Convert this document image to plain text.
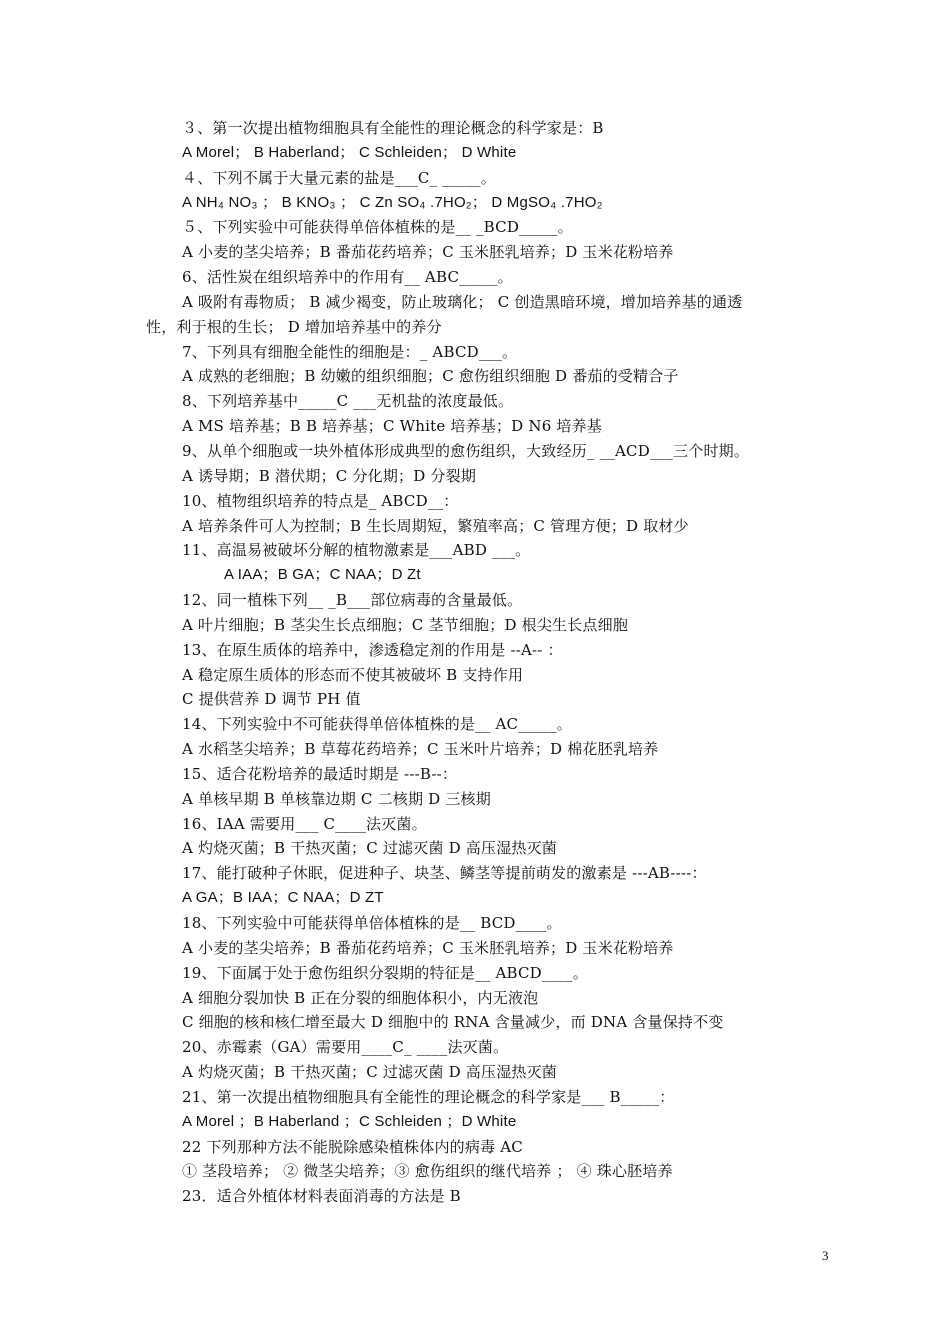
３、第一次提出植物细胞具有全能性的理论概念的科学家是：B
A Morel； B Haberland； C Schleiden； D White
４、下列不属于大量元素的盐是___C_ _____。
A NH₄ NO₃ ； B KNO₃ ； C Zn SO₄ .7HO₂； D MgSO₄ .7HO₂
５、下列实验中可能获得单倍体植株的是__ _BCD_____。
A 小麦的茎尖培养；B 番茄花药培养；C 玉米胚乳培养；D 玉米花粉培养
6、活性炭在组织培养中的作用有__ ABC_____。
A 吸附有毒物质； B 减少褐变，防止玻璃化； C 创造黑暗环境，增加培养基的通透
性，利于根的生长； D 增加培养基中的养分
7、下列具有细胞全能性的细胞是：_ ABCD___。
A 成熟的老细胞；B 幼嫩的组织细胞；C 愈伤组织细胞 D 番茄的受精合子
8、下列培养基中_____C ___无机盐的浓度最低。
A MS 培养基；B B 培养基；C White 培养基；D N6 培养基
9、从单个细胞或一块外植体形成典型的愈伤组织，大致经历_ __ACD___三个时期。
A 诱导期；B 潜伏期；C 分化期；D 分裂期
10、植物组织培养的特点是_ ABCD__：
A 培养条件可人为控制；B 生长周期短，繁殖率高；C 管理方便；D 取材少
11、高温易被破坏分解的植物激素是___ABD ___。
A IAA；B GA；C NAA；D Zt
12、同一植株下列__ _B___部位病毒的含量最低。
A 叶片细胞；B 茎尖生长点细胞；C 茎节细胞；D 根尖生长点细胞
13、在原生质体的培养中，渗透稳定剂的作用是 --A-- ：
A 稳定原生质体的形态而不使其被破坏 B 支持作用
C 提供营养 D 调节 PH 值
14、下列实验中不可能获得单倍体植株的是__ AC_____。
A 水稻茎尖培养；B 草莓花药培养；C 玉米叶片培养；D 棉花胚乳培养
15、适合花粉培养的最适时期是 ---B--：
A 单核早期 B 单核靠边期 C 二核期 D 三核期
16、IAA 需要用___ C____法灭菌。
A 灼烧灭菌；B 干热灭菌；C 过滤灭菌 D 高压湿热灭菌
17、能打破种子休眠，促进种子、块茎、鳞茎等提前萌发的激素是 ---AB----：
A GA；B IAA；C NAA；D ZT
18、下列实验中可能获得单倍体植株的是__ BCD____。
A 小麦的茎尖培养；B 番茄花药培养；C 玉米胚乳培养；D 玉米花粉培养
19、下面属于处于愈伤组织分裂期的特征是__ ABCD____。
A 细胞分裂加快 B 正在分裂的细胞体积小，内无液泡
C 细胞的核和核仁增至最大 D 细胞中的 RNA 含量减少，而 DNA 含量保持不变
20、赤霉素（GA）需要用____C_ ____法灭菌。
A 灼烧灭菌；B 干热灭菌；C 过滤灭菌 D 高压湿热灭菌
21、第一次提出植物细胞具有全能性的理论概念的科学家是___ B_____：
A Morel ；B Haberland ；C Schleiden ；D White
22 下列那种方法不能脱除感染植株体内的病毒 AC
① 茎段培养； ② 微茎尖培养；③ 愈伤组织的继代培养 ； ④ 珠心胚培养
23．适合外植体材料表面消毒的方法是 B
3
